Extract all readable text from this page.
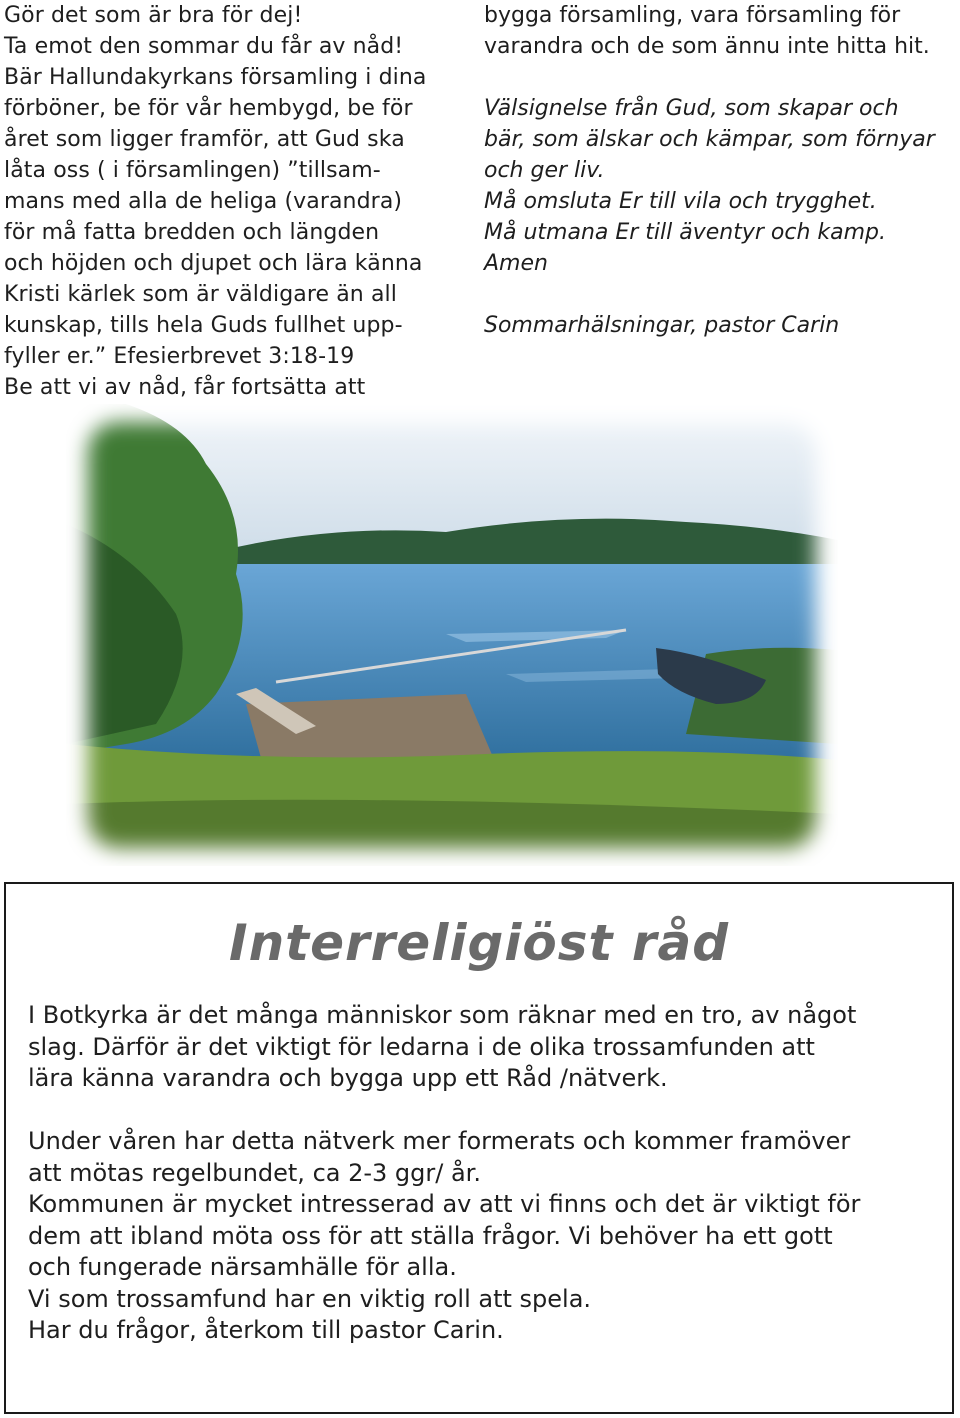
Gör det som är bra för dej!

Ta emot den sommar du får av nåd!

Bär Hallundakyrkans församling i dina

förböner, be för vår hembygd, be för

året som ligger framför, att Gud ska

låta oss ( i församlingen) ”tillsam-

mans med alla de heliga (varandra)

för må fatta bredden och längden

och höjden och djupet och lära känna

Kristi kärlek som är väldigare än all

kunskap, tills hela Guds fullhet upp-

fyller er.” Efesierbrevet 3:18-19

Be att vi av nåd, får fortsätta att

bygga församling, vara församling för

varandra och de som ännu inte hitta hit.

Välsignelse från Gud, som skapar och

bär, som älskar och kämpar, som förnyar

och ger liv.

Må omsluta Er till vila och trygghet.

Må utmana Er till äventyr och kamp.

Amen

Sommarhälsningar, pastor Carin

Interreligiöst råd

I Botkyrka är det många människor som räknar med en tro, av något

slag. Därför är det viktigt för ledarna i de olika trossamfunden att

lära känna varandra och bygga upp ett Råd /nätverk.

Under våren har detta nätverk mer formerats och kommer framöver

att mötas regelbundet, ca 2-3 ggr/ år.

Kommunen är mycket intresserad av att vi finns och det är viktigt för

dem att ibland möta oss för att ställa frågor. Vi behöver ha ett gott

och fungerade närsamhälle för alla.

Vi som trossamfund har en viktig roll att spela.

Har du frågor, återkom till pastor Carin.
